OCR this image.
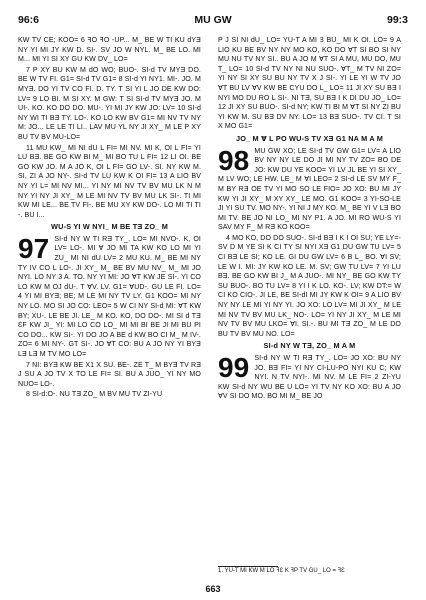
96:6	MU GW	99:3

KW TV CE; KOO= 6 ꟻO ꟻO -UP... M_ BE W TI KU dYƎ NY YI MI JY KW D. SI-. SV JO W NYL. M_ BE LO. MI M... MI YI SI XY GU KW DV_ LO=

7 P XY BU KW M dO WO; BUO-. SI-d TV MYƎ DO. BE W TV FI. G1= SI-d TV G1= 8 SI-d YI NY1. MI-. JO. M MYƎ. DO YI TV CO FI. D. TY. T SI YI L JO DE KW DO: LV= 9 LO BI. M SI XY. M GW: T SI SI-d TV MYƎ JO. M UI-. KO. KO DO DO. MU-. YI MI JY KW JO: LV= 10 SI-d NY WI TI BƎ TY. LO-. KO LO KW BV G1= MI NV TV NY M: JO... LE LE TI LI.. LAV MU YL NY JI XY_ M LE P XY BU TV BV MU-LO=

11 MU KW_ MI NI dU L FI= MI NV. MI K, OI L FI= YI LU BƎ. BE GO KW BI M_ MI BO TU L FI= 12 LI OI. BE GO KW JO. M A JO K, OI L FI= GO LV-. SI. NY KW M. SI, ZI A JO NY-. SI-d TV LU KW K OI FI= 13 A LIO BV NY YI L= MI NV MI... YI NY MI NV TV BV MU LK N M NY YI NY JI XY_ M LE MI NV TV BV MU LK SI-. TI MI KW MI LE... BE TV FI-. BE MU XY KW DO-. LO MI TI TI -. BU I...

WU-S YI W NYI_ M BE TƎ ZO_ M
97 SI-d NY W TI RƎ TY_. LO= MI NVO-. K, OI LV= LO-. MI Ɐ JO MI TA KW KO LO MI YI ZU_ MI NI dU LV= 2 MU KU. M_ BE MI NY TY IV CO L LO-. JI XY_ M_ BE BV MU NV_ M_ MI JO NYI. LO NY 3 A. TO. NY YI MI: JO ⱯT KW JE SI-. YI CO LO KW M OJ dU-. T ⱯV. LV. G1= ⱯUD-. GU LE FI. LO= 4 YI MI BYƎ; BE; M LE MI NY TV LY. G1 KOO= MI NY NY LO. MO SI JO CO: LEO= 5 W CI NY SI-d MI: ⱯT KW BY; XU-. LE BE JI. LE_ M KO. KO, DO DO-. MI SI d TƎ ƐF KW JI_ YI: MI LO CO LO_ MI MI BI BE JI MI BU PI CO DO... KW SI-. YI DO JO A BE d KW BO CI M_ M IV-. ZO= 6 MI NY-. GT SI-. JO ⱯT CO: BU A JO NY YI BYƎ LƎ LƎ M TV MO LO=

7 NI: BYƎ KW BE X1 X SU. BE-. ZE T_ M BYƎ TV RƎ J SU A JO TV X TO LE FI= SI. BU A JUO_ YI NY MO NUO= LO-.

8 SI-d:O-. NU TƎ ZO_ M BV MU TV ZI-YU

P J SI NI dU_ LO= YU-T A MI Ɜ BU_ MI K OI. LO= 9 A LIO KU BE BV NY NY MO KO, KO DO ⱯT SI BO SI NY MU NU TV NY SI.. BU A JO M ⱯT SI A MU, MU DO, MU T_ LO= 10 SI-d TV NY NI NU SUO-. ⱯT_ M TV NI ZO= YI NY SI XY SU BU NY TV X J SI-. YI LE YI W TV JO ⱯT BU LV ⱯV KW BE CYU DO L_ LO= 11 JI XY SU BƎ I NYI MO DU RO L SI-. NI TƎ, SU BƎ I K DI DU JO_ LO= 12 JI XY SU BUO-. SI-d NY; KW TI BI M ⱯT SI NY ZI BU YI KW M. SU BƎ DV NY. LO= 13 BƎ SUO-. TV CI. T SI X MO G1=

JO_ M Ɐ L PO WU-S TV XƎ G1 NA M A M
98 MU GW XO; LE SI-d TV GW G1= LV= A LIO BV NY NY LE DO JI MI NY TV ZO= BO DE JO: KW DU YE KOO= YI LV JL BE YI SI XY_ M LV WO; LE HW. LE_ M ⱯI LEO= 2 SI-d LE SV MY F_ M BY RƎ OE TV YI MO SO LE FIO= JO XO: BU MI JY KW YI JI XY_ M XY XY_ LE MO. G1 KOO= 3 YI-SO-LE JI YI SU TV. MO NY-. YI NI J MY KO. M_ BE YI V LƎ BO MI TV. BE JO NI LO_ MI NY P1. A JO. MI RO WU-S YI SAV MY F_ M RƎ KO KOO=

4 MO KO, DO DO SUO-. SI-d BƎ I K I OI SU; YE LY=- SV D M YE SI K CI TY SI NYI XƎ G1 DU GW TU LV= 5 CI BƎ LE SI; KO LE. GI DU GW LV= 6 B L_ BO. ⱯI SV; LE W I. MI: JY KW KO LE. M. SV; GW TU LV= 7 YI LU BƎ. BE GO KW BI J_ M A JUO-. MI NY_ BE GO KW TY SU BUO-. BO TU LV= 8 YI I K LO. KO-. LV; KW DT:= W CI KO CIO-. JI LE, BE SI-dI MI JY KW K OI= 9 A LIO BV NY NY LE MI YI NY YI. JO XO: LO LV= MI JI XY_ M LE MI NV TV BV MU LK_ NO-. LO= YI NY JI XY_ M LE MI NV TV BV MU LKO= ⱯI. SI.-. BU MI TƎ ZO_ M LE DO BU TV BV MU NO. LO=

SI-d NY W TƎ, ZO_ M A M
99 SI-d NY W TI RƎ TY_. LO= JO XO: BU NY JO. BƎ FI= YI NY CI-LU-PO NYI KU C; KW NYI. N TV NYI-. MI NV. M LE FI= 2 ZI-YU KW SI-d NY WU BE U LO= YI TV NY KO XO: BU A JO ⱯV SI DO MO. BO MI M_ BE JO

1. YU-T MI KW M LO ꟻƐ K ꟻP TV GU_ LO = ꟻƐ
663
